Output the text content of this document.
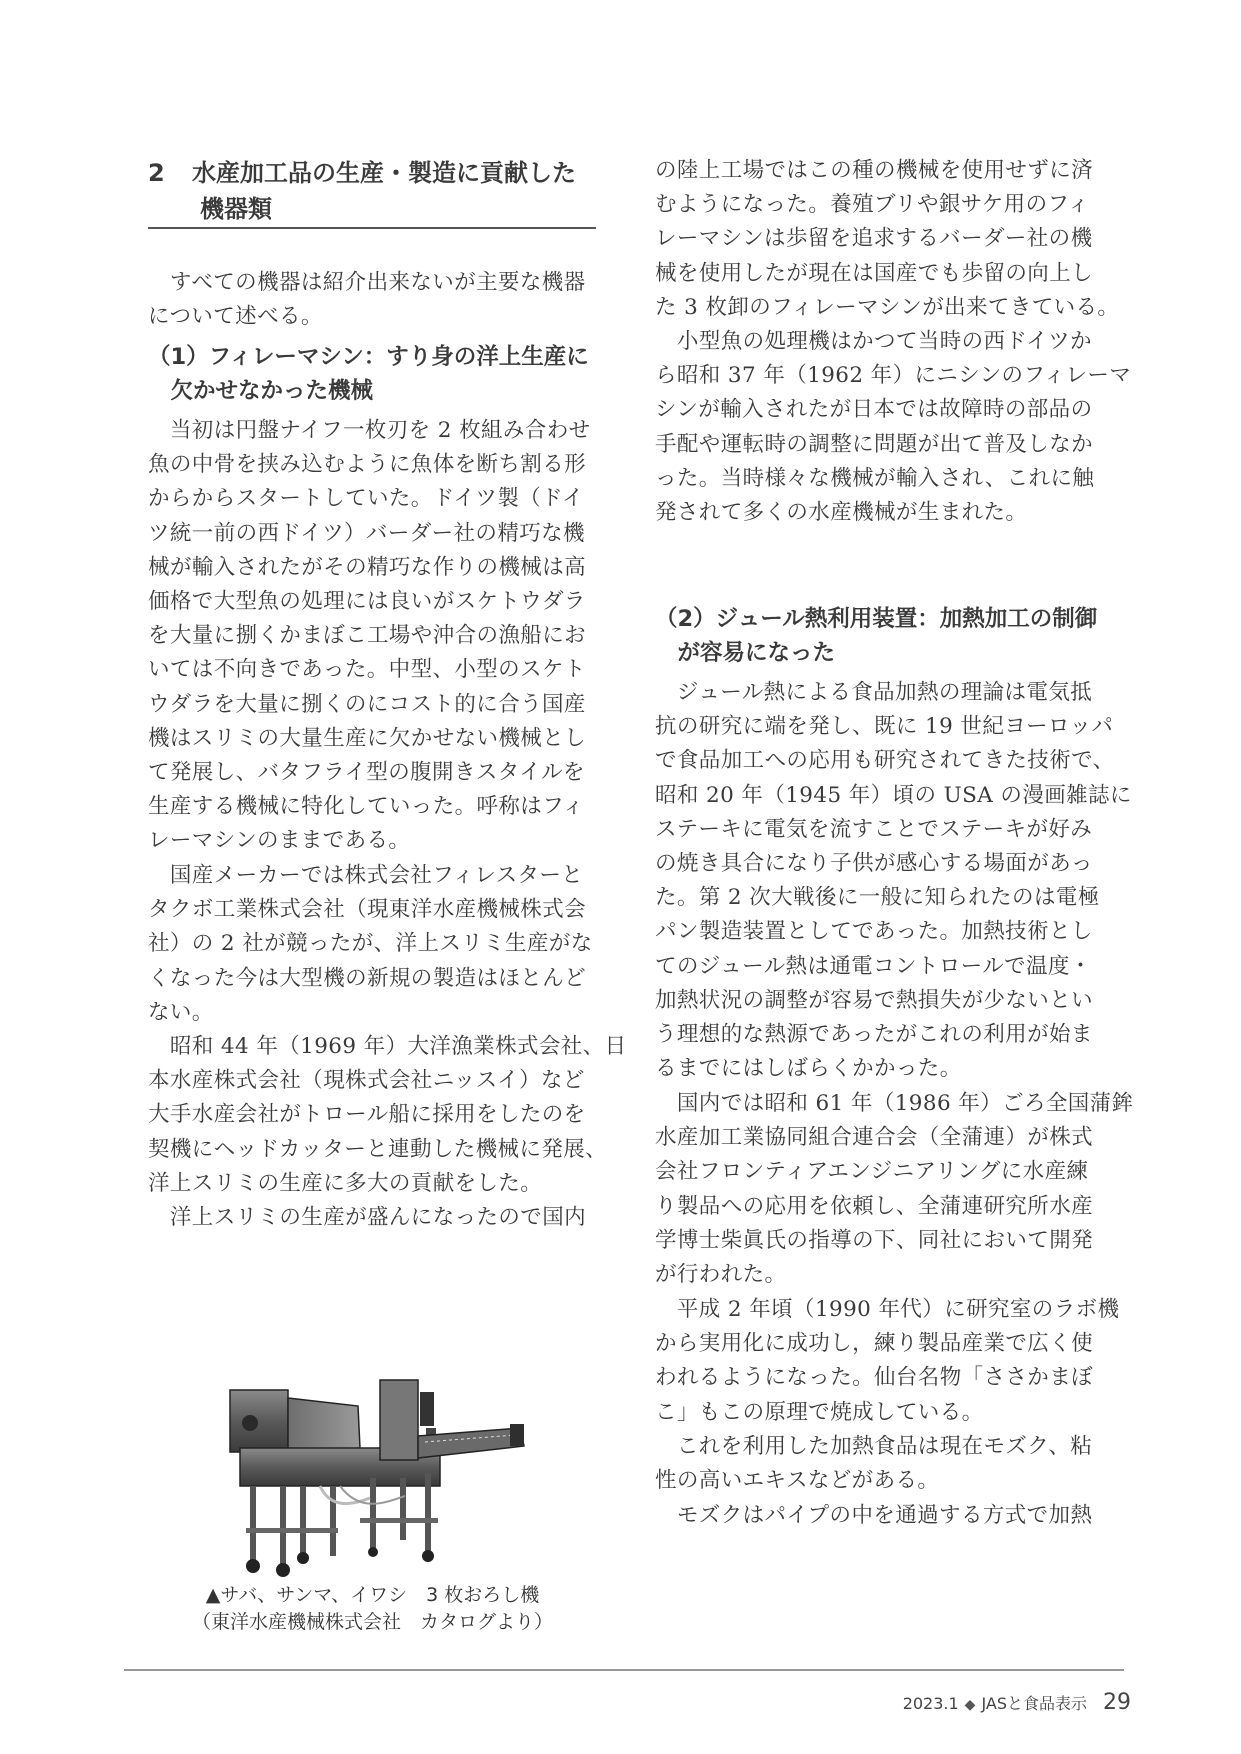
2 水産加工品の生産・製造に貢献した
機器類
　すべての機器は紹介出来ないが主要な機器
について述べる。
（1）フィレーマシン：すり身の洋上生産に
　欠かせなかった機械
　当初は円盤ナイフ一枚刃を 2 枚組み合わせ
魚の中骨を挟み込むように魚体を断ち割る形
からからスタートしていた。ドイツ製（ドイ
ツ統一前の西ドイツ）バーダー社の精巧な機
械が輸入されたがその精巧な作りの機械は高
価格で大型魚の処理には良いがスケトウダラ
を大量に捌くかまぼこ工場や沖合の漁船にお
いては不向きであった。中型、小型のスケト
ウダラを大量に捌くのにコスト的に合う国産
機はスリミの大量生産に欠かせない機械とし
て発展し、バタフライ型の腹開きスタイルを
生産する機械に特化していった。呼称はフィ
レーマシンのままである。
　国産メーカーでは株式会社フィレスターと
タクボ工業株式会社（現東洋水産機械株式会
社）の 2 社が競ったが、洋上スリミ生産がな
くなった今は大型機の新規の製造はほとんど
ない。
　昭和 44 年（1969 年）大洋漁業株式会社、日
本水産株式会社（現株式会社ニッスイ）など
大手水産会社がトロール船に採用をしたのを
契機にヘッドカッターと連動した機械に発展、
洋上スリミの生産に多大の貢献をした。
　洋上スリミの生産が盛んになったので国内
▲サバ、サンマ、イワシ　3 枚おろし機
（東洋水産機械株式会社　カタログより）
の陸上工場ではこの種の機械を使用せずに済
むようになった。養殖ブリや銀サケ用のフィ
レーマシンは歩留を追求するバーダー社の機
械を使用したが現在は国産でも歩留の向上し
た 3 枚卸のフィレーマシンが出来てきている。
　小型魚の処理機はかつて当時の西ドイツか
ら昭和 37 年（1962 年）にニシンのフィレーマ
シンが輸入されたが日本では故障時の部品の
手配や運転時の調整に問題が出て普及しなか
った。当時様々な機械が輸入され、これに触
発されて多くの水産機械が生まれた。
（2）ジュール熱利用装置：加熱加工の制御
　が容易になった
　ジュール熱による食品加熱の理論は電気抵
抗の研究に端を発し、既に 19 世紀ヨーロッパ
で食品加工への応用も研究されてきた技術で、
昭和 20 年（1945 年）頃の USA の漫画雑誌に
ステーキに電気を流すことでステーキが好み
の焼き具合になり子供が感心する場面があっ
た。第 2 次大戦後に一般に知られたのは電極
パン製造装置としてであった。加熱技術とし
てのジュール熱は通電コントロールで温度・
加熱状況の調整が容易で熱損失が少ないとい
う理想的な熱源であったがこれの利用が始ま
るまでにはしばらくかかった。
　国内では昭和 61 年（1986 年）ごろ全国蒲鉾
水産加工業協同組合連合会（全蒲連）が株式
会社フロンティアエンジニアリングに水産練
り製品への応用を依頼し、全蒲連研究所水産
学博士柴眞氏の指導の下、同社において開発
が行われた。
　平成 2 年頃（1990 年代）に研究室のラボ機
から実用化に成功し，練り製品産業で広く使
われるようになった。仙台名物「ささかまぼ
こ」もこの原理で焼成している。
　これを利用した加熱食品は現在モズク、粘
性の高いエキスなどがある。
　モズクはパイプの中を通過する方式で加熱
2023.1 ◆ JASと食品表示 29
